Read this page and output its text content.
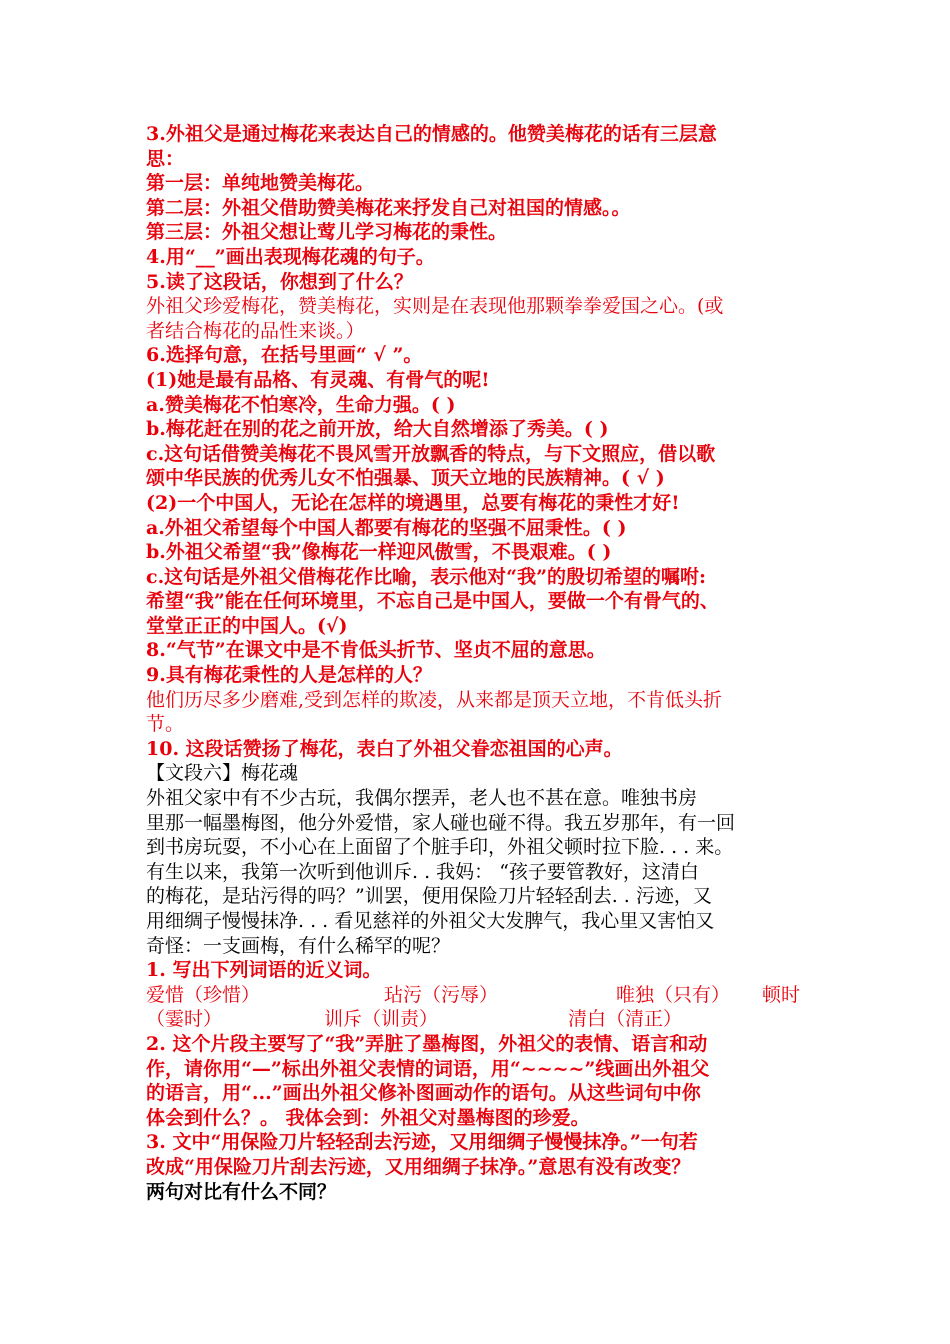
3.外祖父是通过梅花来表达自己的情感的。他赞美梅花的话有三层意
思：
第一层：单纯地赞美梅花。
第二层：外祖父借助赞美梅花来抒发自己对祖国的情感。。
第三层：外祖父想让莺儿学习梅花的秉性。
4.用“__”画出表现梅花魂的句子。
5.读了这段话，你想到了什么？
外祖父珍爱梅花，赞美梅花，实则是在表现他那颗拳拳爱国之心。(或
者结合梅花的品性来谈。）
6.选择句意，在括号里画“ √ ”。
(1)她是最有品格、有灵魂、有骨气的呢!
a.赞美梅花不怕寒冷，生命力强。( )
b.梅花赶在别的花之前开放，给大自然增添了秀美。( )
c.这句话借赞美梅花不畏风雪开放飘香的特点，与下文照应，借以歌
颂中华民族的优秀儿女不怕强暴、顶天立地的民族精神。( √ )
(2)一个中国人，无论在怎样的境遇里，总要有梅花的秉性才好!
a.外祖父希望每个中国人都要有梅花的坚强不屈秉性。( )
b.外祖父希望“我”像梅花一样迎风傲雪，不畏艰难。( )
c.这句话是外祖父借梅花作比喻，表示他对“我”的殷切希望的嘱咐:
希望“我”能在任何环境里，不忘自己是中国人，要做一个有骨气的、
堂堂正正的中国人。(√)
8.“气节”在课文中是不肯低头折节、坚贞不屈的意思。
9.具有梅花秉性的人是怎样的人？
他们历尽多少磨难,受到怎样的欺凌，从来都是顶天立地，不肯低头折
节。
10. 这段话赞扬了梅花，表白了外祖父眷恋祖国的心声。
【文段六】梅花魂
外祖父家中有不少古玩，我偶尔摆弄，老人也不甚在意。唯独书房
里那一幅墨梅图，他分外爱惜，家人碰也碰不得。我五岁那年，有一回
到书房玩耍，不小心在上面留了个脏手印，外祖父顿时拉下脸. . . 来。
有生以来，我第一次听到他训斥. . 我妈： “孩子要管教好，这清白
的梅花，是玷污得的吗？”训罢，便用保险刀片轻轻刮去. . 污迹，又
用细绸子慢慢抹净. . . 看见慈祥的外祖父大发脾气，我心里又害怕又
奇怪：一支画梅，有什么稀罕的呢？
1. 写出下列词语的近义词。
爱惜（珍惜）	玷污（污辱）	唯独（只有）	顿时
（霎时）	训斥（训责）	清白（清正）
2. 这个片段主要写了“我”弄脏了墨梅图，外祖父的表情、语言和动
作，请你用“—”标出外祖父表情的词语，用“~~~~”线画出外祖父
的语言，用“...”画出外祖父修补图画动作的语句。从这些词句中你
体会到什么？。 我体会到：外祖父对墨梅图的珍爱。
3. 文中“用保险刀片轻轻刮去污迹，又用细绸子慢慢抹净。”一句若
改成“用保险刀片刮去污迹，又用细绸子抹净。”意思有没有改变？
两句对比有什么不同？
